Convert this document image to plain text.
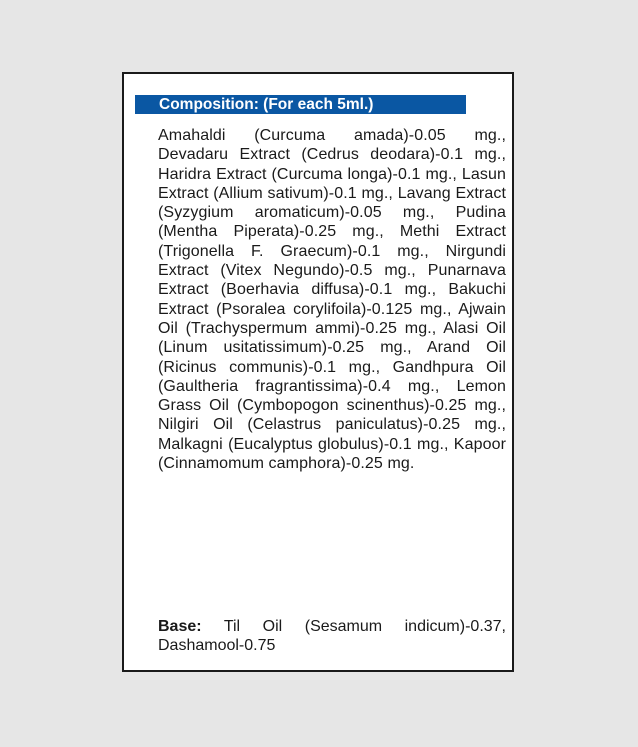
Composition: (For each 5ml.)
Amahaldi (Curcuma amada)-0.05 mg., Devadaru Extract (Cedrus deodara)-0.1 mg., Haridra Extract (Curcuma longa)-0.1 mg., Lasun Extract (Allium sativum)-0.1 mg., Lavang Extract (Syzygium aromaticum)-0.05 mg., Pudina (Mentha Piperata)-0.25 mg., Methi Extract (Trigonella F. Graecum)-0.1 mg., Nirgundi Extract (Vitex Negundo)-0.5 mg., Punarnava Extract (Boerhavia diffusa)-0.1 mg., Bakuchi Extract (Psoralea corylifoila)-0.125 mg., Ajwain Oil (Trachyspermum ammi)-0.25 mg., Alasi Oil (Linum usitatissimum)-0.25 mg., Arand Oil (Ricinus communis)-0.1 mg., Gandhpura Oil (Gaultheria fragrantissima)-0.4 mg., Lemon Grass Oil (Cymbopogon scinenthus)-0.25 mg., Nilgiri Oil (Celastrus paniculatus)-0.25 mg., Malkagni (Eucalyptus globulus)-0.1 mg., Kapoor (Cinnamomum camphora)-0.25 mg.
Base: Til Oil (Sesamum indicum)-0.37, Dashamool-0.75
